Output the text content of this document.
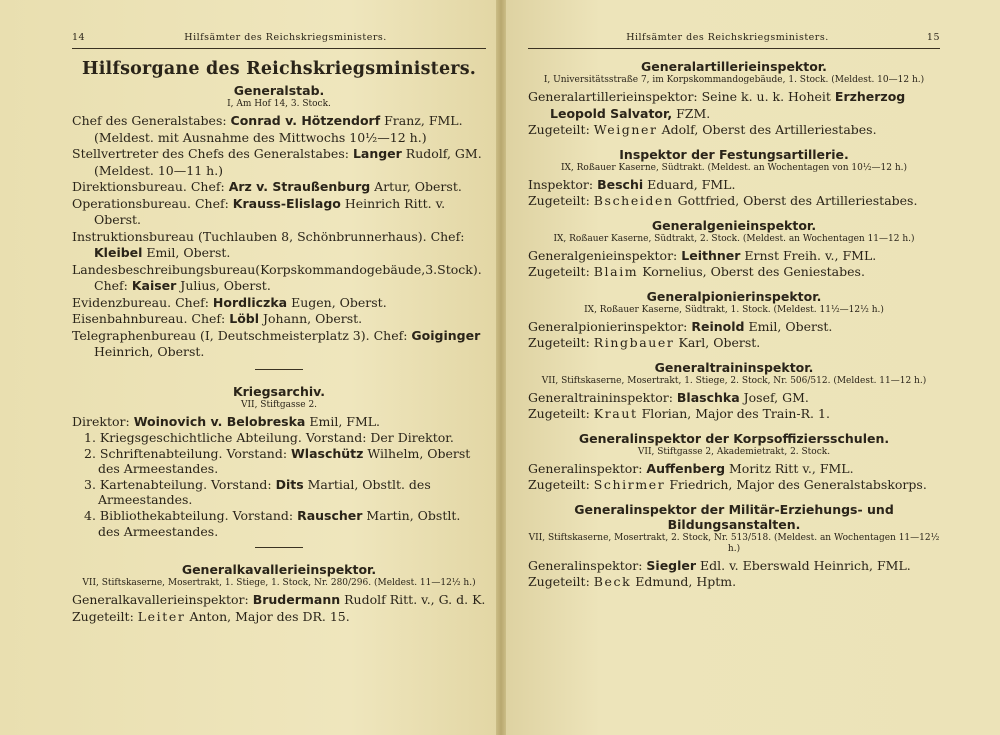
14	Hilfsämter des Reichskriegsministers.
Hilfsorgane des Reichskriegsministers.
Generalstab.
I, Am Hof 14, 3. Stock.

Chef des Generalstabes: Conrad v. Hötzendorf Franz, FML. (Meldest. mit Ausnahme des Mittwochs 10½—12 h.)

Stellvertreter des Chefs des Generalstabes: Langer Rudolf, GM. (Meldest. 10—11 h.)

Direktionsbureau. Chef: Arz v. Straußenburg Artur, Oberst.

Operationsbureau. Chef: Krauss-Elislago Heinrich Ritt. v. Oberst.

Instruktionsbureau (Tuchlauben 8, Schönbrunnerhaus). Chef: Kleibel Emil, Oberst.

Landesbeschreibungsbureau(Korpskommandogebäude,3.Stock). Chef: Kaiser Julius, Oberst.

Evidenzbureau. Chef: Hordliczka Eugen, Oberst.

Eisenbahnbureau. Chef: Löbl Johann, Oberst.

Telegraphenbureau (I, Deutschmeisterplatz 3). Chef: Goiginger Heinrich, Oberst.

Kriegsarchiv.
VII, Stiftgasse 2.

Direktor: Woinovich v. Belobreska Emil, FML.

1. Kriegsgeschichtliche Abteilung. Vorstand: Der Direktor.
2. Schriftenabteilung. Vorstand: Wlaschütz Wilhelm, Oberst des Armeestandes.
3. Kartenabteilung. Vorstand: Dits Martial, Obstlt. des Armeestandes.
4. Bibliothekabteilung. Vorstand: Rauscher Martin, Obstlt. des Armeestandes.
Generalkavallerieinspektor.
VII, Stiftskaserne, Mosertrakt, 1. Stiege, 1. Stock, Nr. 280/296. (Meldest. 11—12½ h.)

Generalkavallerieinspektor: Brudermann Rudolf Ritt. v., G. d. K.

Zugeteilt: Leiter Anton, Major des DR. 15.

Hilfsämter des Reichskriegsministers.	15
Generalartillerieinspektor.
I, Universitätsstraße 7, im Korpskommandogebäude, 1. Stock. (Meldest. 10—12 h.)

Generalartillerieinspektor: Seine k. u. k. Hoheit Erzherzog Leopold Salvator, FZM.

Zugeteilt: Weigner Adolf, Oberst des Artilleriestabes.

Inspektor der Festungsartillerie.
IX, Roßauer Kaserne, Südtrakt. (Meldest. an Wochentagen von 10½—12 h.)

Inspektor: Beschi Eduard, FML.

Zugeteilt: Bscheiden Gottfried, Oberst des Artilleriestabes.

Generalgenieinspektor.
IX, Roßauer Kaserne, Südtrakt, 2. Stock. (Meldest. an Wochentagen 11—12 h.)

Generalgenieinspektor: Leithner Ernst Freih. v., FML.

Zugeteilt: Blaim Kornelius, Oberst des Geniestabes.

Generalpionierinspektor.
IX, Roßauer Kaserne, Südtrakt, 1. Stock. (Meldest. 11½—12½ h.)

Generalpionierinspektor: Reinold Emil, Oberst.

Zugeteilt: Ringbauer Karl, Oberst.

Generaltraininspektor.
VII, Stiftskaserne, Mosertrakt, 1. Stiege, 2. Stock, Nr. 506/512. (Meldest. 11—12 h.)

Generaltraininspektor: Blaschka Josef, GM.

Zugeteilt: Kraut Florian, Major des Train-R. 1.

Generalinspektor der Korpsoffiziersschulen.
VII, Stiftgasse 2, Akademietrakt, 2. Stock.

Generalinspektor: Auffenberg Moritz Ritt v., FML.

Zugeteilt: Schirmer Friedrich, Major des Generalstabskorps.

Generalinspektor der Militär-Erziehungs- und Bildungsanstalten.
VII, Stiftskaserne, Mosertrakt, 2. Stock, Nr. 513/518. (Meldest. an Wochentagen 11—12½ h.)

Generalinspektor: Siegler Edl. v. Eberswald Heinrich, FML.

Zugeteilt: Beck Edmund, Hptm.
